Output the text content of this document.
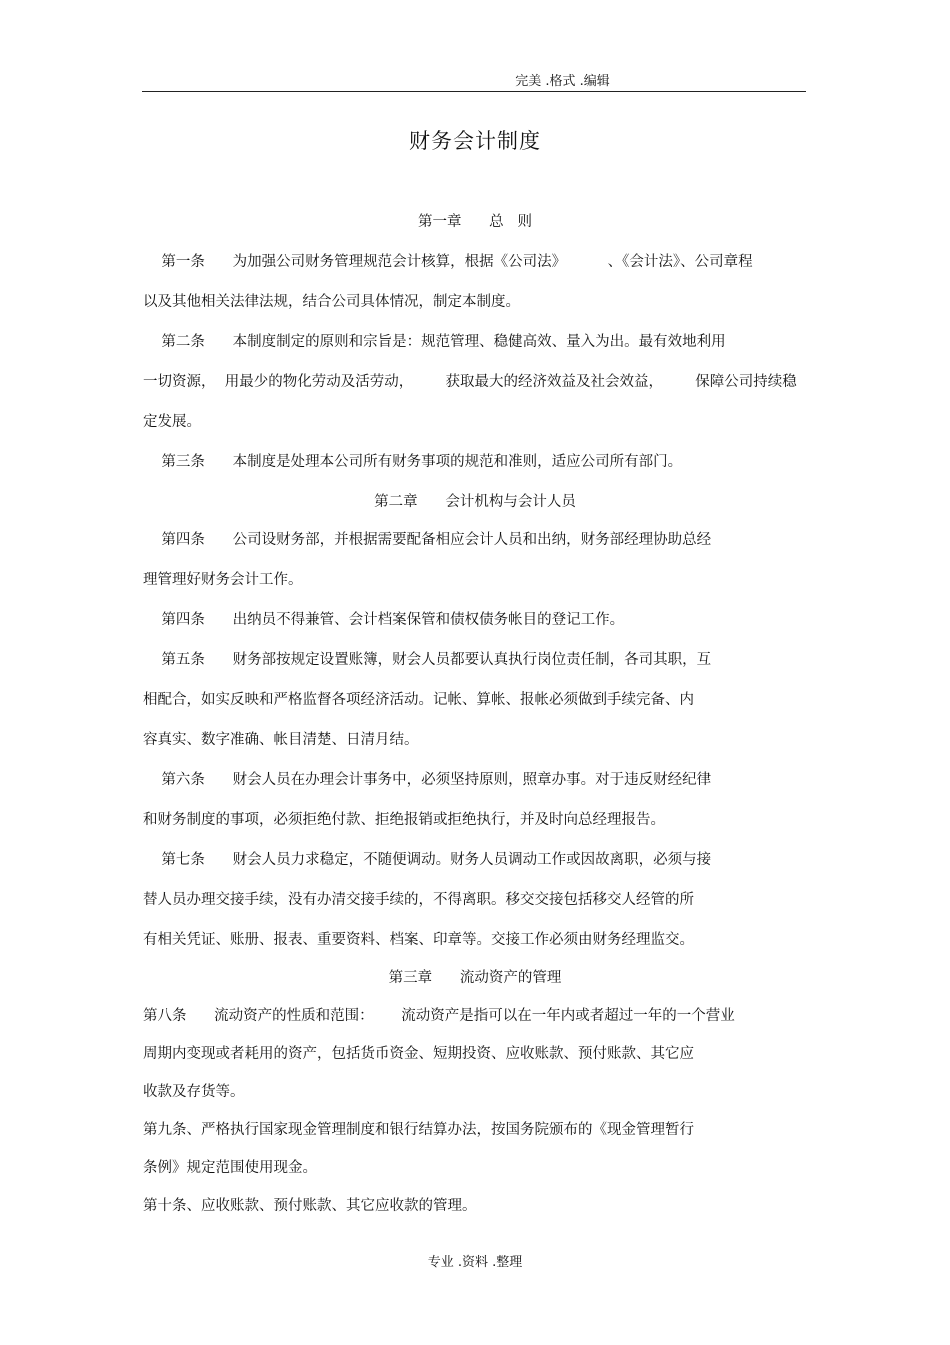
完美 .格式 .编辑
财务会计制度
第一章      总   则
第一条      为加强公司财务管理规范会计核算，根据《公司法》         、《会计法》、公司章程
以及其他相关法律法规，结合公司具体情况，制定本制度。
第二条      本制度制定的原则和宗旨是：规范管理、稳健高效、量入为出。最有效地利用
一切资源，  用最少的物化劳动及活劳动，       获取最大的经济效益及社会效益，       保障公司持续稳
定发展。
第三条      本制度是处理本公司所有财务事项的规范和准则，适应公司所有部门。
第二章      会计机构与会计人员
第四条      公司设财务部，并根据需要配备相应会计人员和出纳，财务部经理协助总经
理管理好财务会计工作。
第四条      出纳员不得兼管、会计档案保管和债权债务帐目的登记工作。
第五条      财务部按规定设置账簿，财会人员都要认真执行岗位责任制，各司其职，互
相配合，如实反映和严格监督各项经济活动。记帐、算帐、报帐必须做到手续完备、内
容真实、数字准确、帐目清楚、日清月结。
第六条      财会人员在办理会计事务中，必须坚持原则，照章办事。对于违反财经纪律
和财务制度的事项，必须拒绝付款、拒绝报销或拒绝执行，并及时向总经理报告。
第七条      财会人员力求稳定，不随便调动。财务人员调动工作或因故离职，必须与接
替人员办理交接手续，没有办清交接手续的，不得离职。移交交接包括移交人经管的所
有相关凭证、账册、报表、重要资料、档案、印章等。交接工作必须由财务经理监交。
第三章      流动资产的管理
第八条      流动资产的性质和范围：      流动资产是指可以在一年内或者超过一年的一个营业
周期内变现或者耗用的资产，包括货币资金、短期投资、应收账款、预付账款、其它应
收款及存货等。
第九条、严格执行国家现金管理制度和银行结算办法，按国务院颁布的《现金管理暂行
条例》规定范围使用现金。
第十条、应收账款、预付账款、其它应收款的管理。
专业 .资料 .整理
